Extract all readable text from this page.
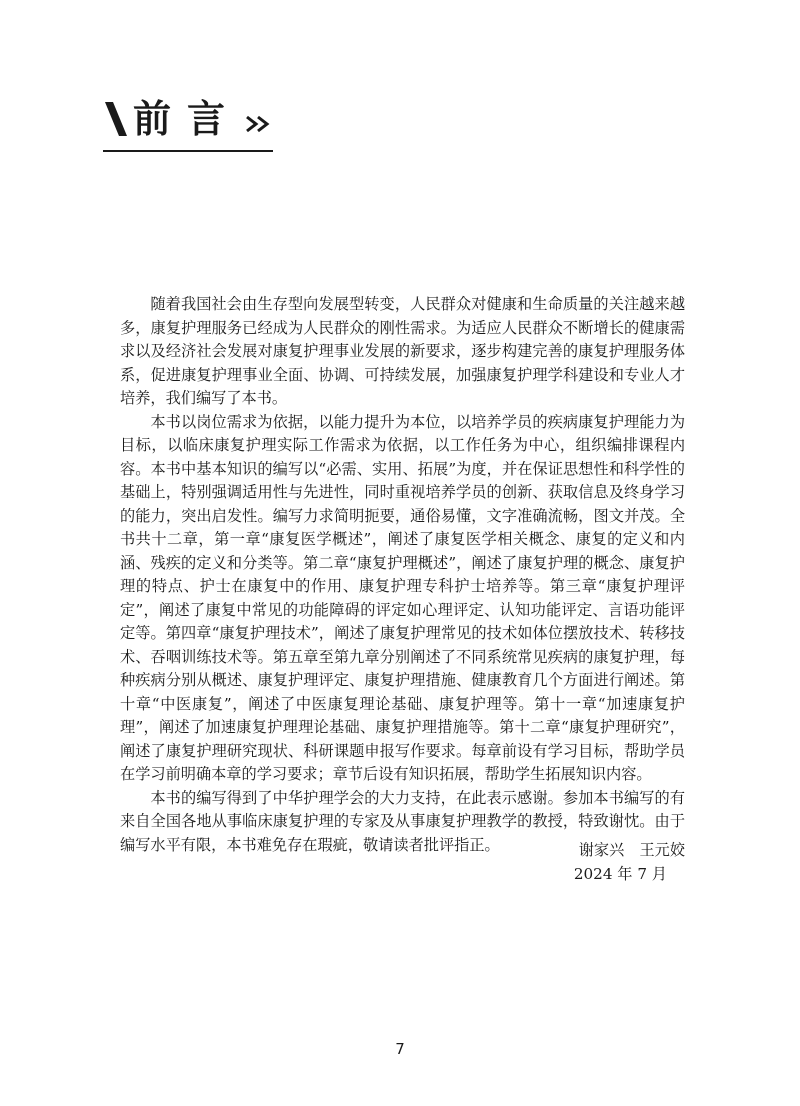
前言

随着我国社会由生存型向发展型转变，人民群众对健康和生命质量的关注越来越多，康复护理服务已经成为人民群众的刚性需求。为适应人民群众不断增长的健康需求以及经济社会发展对康复护理事业发展的新要求，逐步构建完善的康复护理服务体系，促进康复护理事业全面、协调、可持续发展，加强康复护理学科建设和专业人才培养，我们编写了本书。

本书以岗位需求为依据，以能力提升为本位，以培养学员的疾病康复护理能力为目标，以临床康复护理实际工作需求为依据，以工作任务为中心，组织编排课程内容。本书中基本知识的编写以“必需、实用、拓展”为度，并在保证思想性和科学性的基础上，特别强调适用性与先进性，同时重视培养学员的创新、获取信息及终身学习的能力，突出启发性。编写力求简明扼要，通俗易懂，文字准确流畅，图文并茂。全书共十二章，第一章“康复医学概述”，阐述了康复医学相关概念、康复的定义和内涵、残疾的定义和分类等。第二章“康复护理概述”，阐述了康复护理的概念、康复护理的特点、护士在康复中的作用、康复护理专科护士培养等。第三章“康复护理评定”，阐述了康复中常见的功能障碍的评定如心理评定、认知功能评定、言语功能评定等。第四章“康复护理技术”，阐述了康复护理常见的技术如体位摆放技术、转移技术、吞咽训练技术等。第五章至第九章分别阐述了不同系统常见疾病的康复护理，每种疾病分别从概述、康复护理评定、康复护理措施、健康教育几个方面进行阐述。第十章“中医康复”，阐述了中医康复理论基础、康复护理等。第十一章“加速康复护理”，阐述了加速康复护理理论基础、康复护理措施等。第十二章“康复护理研究”，阐述了康复护理研究现状、科研课题申报写作要求。每章前设有学习目标，帮助学员在学习前明确本章的学习要求；章节后设有知识拓展，帮助学生拓展知识内容。

本书的编写得到了中华护理学会的大力支持，在此表示感谢。参加本书编写的有来自全国各地从事临床康复护理的专家及从事康复护理教学的教授，特致谢忱。由于编写水平有限，本书难免存在瑕疵，敬请读者批评指正。	谢家兴　王元姣
2024 年 7 月
7
